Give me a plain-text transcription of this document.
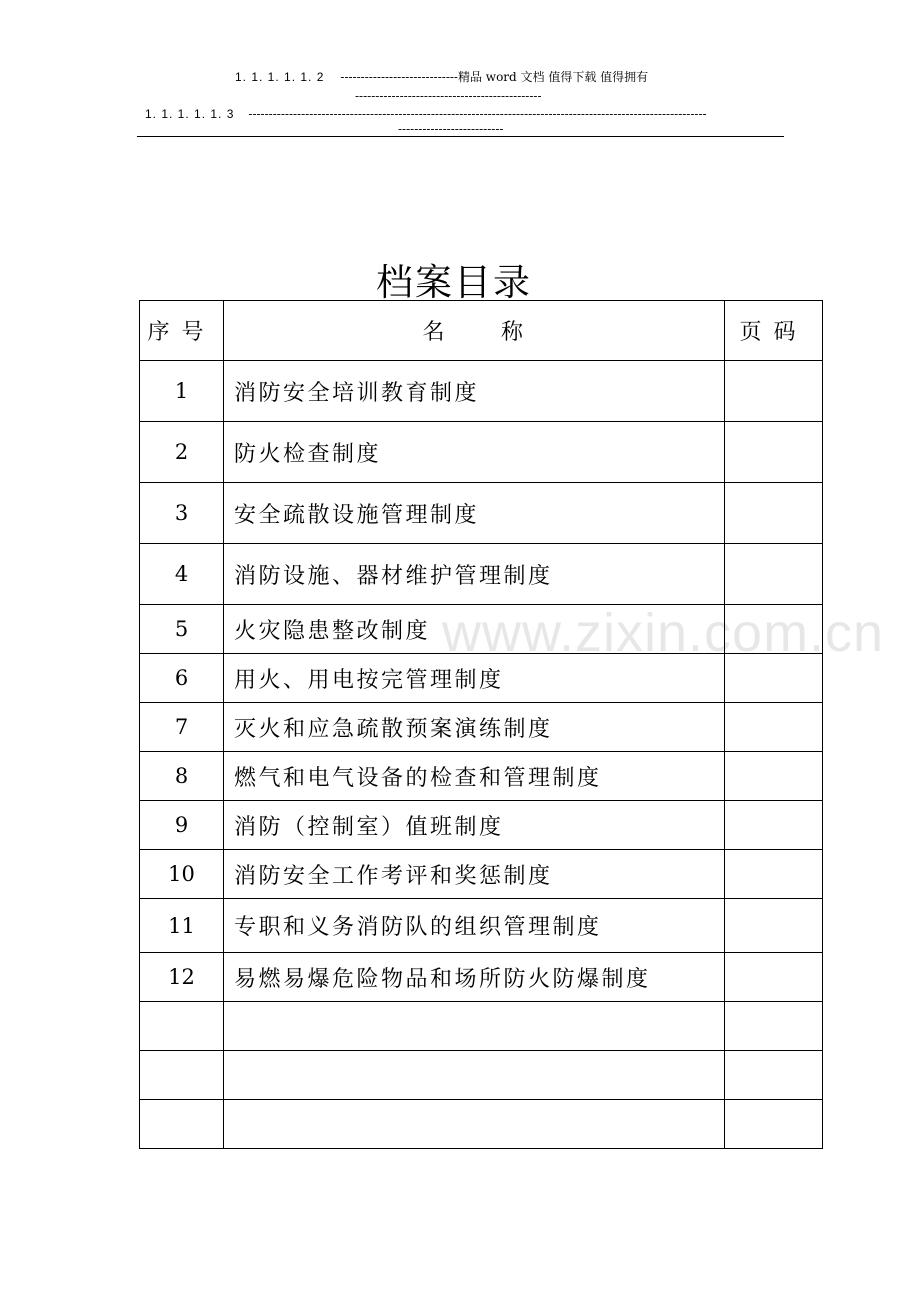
1. 1. 1. 1. 1. 2 -----------------------------精品 word 文档 值得下载 值得拥有
----------------------------------------------
1. 1. 1. 1. 1. 3 -----------------------------------------------------------------------------------------------------------------
--------------------------
档案目录
序号	名 称	页码
1	消防安全培训教育制度	
2	防火检查制度	
3	安全疏散设施管理制度	
4	消防设施、器材维护管理制度	
5	火灾隐患整改制度	
6	用火、用电按完管理制度	
7	灭火和应急疏散预案演练制度	
8	燃气和电气设备的检查和管理制度	
9	消防（控制室）值班制度	
10	消防安全工作考评和奖惩制度	
11	专职和义务消防队的组织管理制度	
12	易燃易爆危险物品和场所防火防爆制度	

www.zixin.com.cn
